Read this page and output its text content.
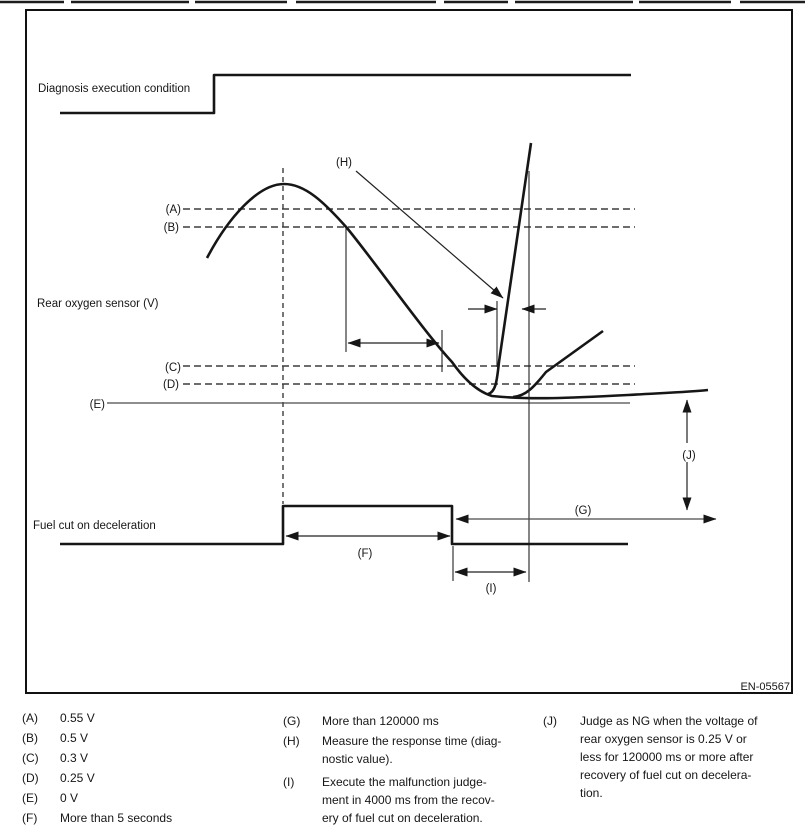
Diagnosis execution condition
(A)
(B)
(C)
(D)
(E)
Rear oxygen sensor (V)
(H)
Fuel cut on deceleration
(F)
(G)
(I)
(J)
EN-05567
(A)	0.55 V
(B)	0.5 V
(C)	0.3 V
(D)	0.25 V
(E)	0 V
(F)	More than 5 seconds
(G)	More than 120000 ms
(H)	Measure the response time (diag-
nostic value).
(I)	Execute the malfunction judge-
ment in 4000 ms from the recov-
ery of fuel cut on deceleration.
(J)	Judge as NG when the voltage of
rear oxygen sensor is 0.25 V or
less for 120000 ms or more after
recovery of fuel cut on decelera-
tion.
